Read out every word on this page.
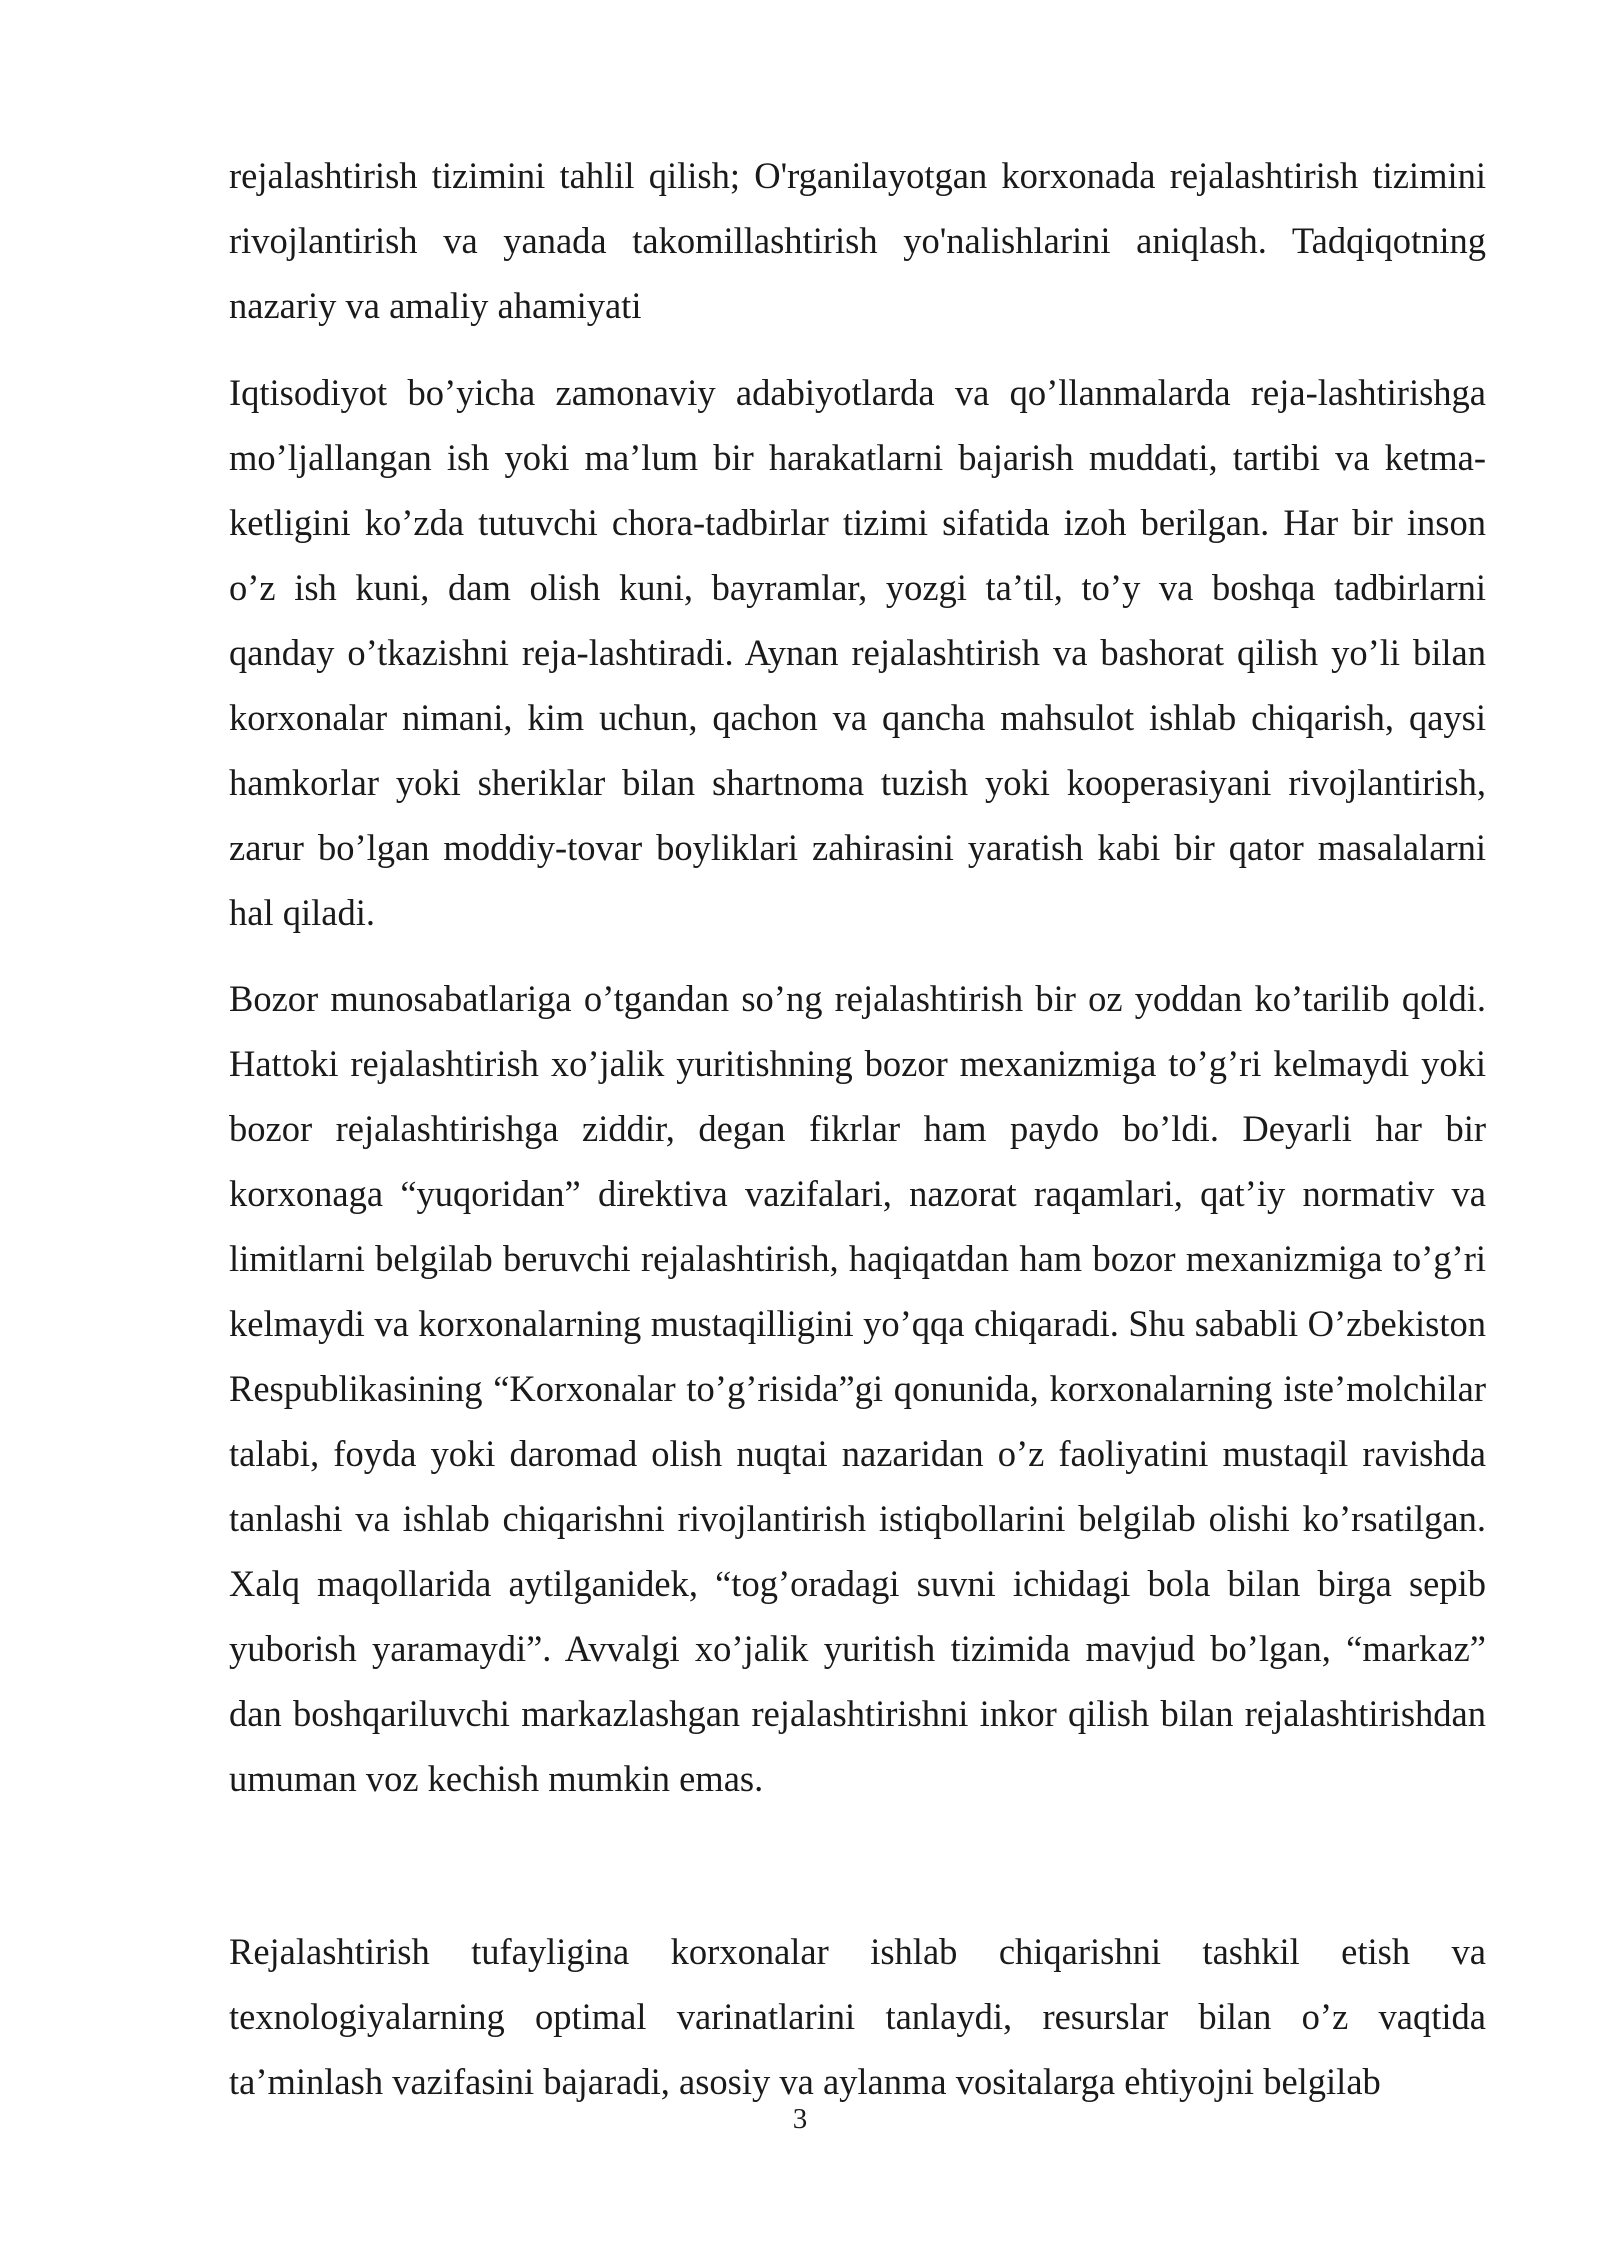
rejalashtirish tizimini tahlil qilish; O'rganilayotgan korxonada rejalashtirish tizimini rivojlantirish va yanada takomillashtirish yo'nalishlarini aniqlash. Tadqiqotning nazariy va amaliy ahamiyati

Iqtisodiyot bo’yicha zamonaviy adabiyotlarda va qo’llanmalarda reja-lashtirishga mo’ljallangan ish yoki ma’lum bir harakatlarni bajarish muddati, tartibi va ketma-ketligini ko’zda tutuvchi chora-tadbirlar tizimi sifatida izoh berilgan. Har bir inson o’z ish kuni, dam olish kuni, bayramlar, yozgi ta’til, to’y va boshqa tadbirlarni qanday o’tkazishni reja-lashtiradi. Aynan rejalashtirish va bashorat qilish yo’li bilan korxonalar nimani, kim uchun, qachon va qancha mahsulot ishlab chiqarish, qaysi hamkorlar yoki sheriklar bilan shartnoma tuzish yoki kooperasiyani rivojlantirish, zarur bo’lgan moddiy-tovar boyliklari zahirasini yaratish kabi bir qator masalalarni hal qiladi.

Bozor munosabatlariga o’tgandan so’ng rejalashtirish bir oz yoddan ko’tarilib qoldi. Hattoki rejalashtirish xo’jalik yuritishning bozor mexanizmiga to’g’ri kelmaydi yoki bozor rejalashtirishga ziddir, degan fikrlar ham paydo bo’ldi. Deyarli har bir korxonaga “yuqoridan” direktiva vazifalari, nazorat raqamlari, qat’iy normativ va limitlarni belgilab beruvchi rejalashtirish, haqiqatdan ham bozor mexanizmiga to’g’ri kelmaydi va korxonalarning mustaqilligini yo’qqa chiqaradi. Shu sababli O’zbekiston Respublikasining “Korxonalar to’g’risida”gi qonunida, korxonalarning iste’molchilar talabi, foyda yoki daromad olish nuqtai nazaridan o’z faoliyatini mustaqil ravishda tanlashi va ishlab chiqarishni rivojlantirish istiqbollarini belgilab olishi ko’rsatilgan. Xalq maqollarida aytilganidek, “tog’oradagi suvni ichidagi bola bilan birga sepib yuborish yaramaydi”. Avvalgi xo’jalik yuritish tizimida mavjud bo’lgan, “markaz” dan boshqariluvchi markazlashgan rejalashtirishni inkor qilish bilan rejalashtirishdan umuman voz kechish mumkin emas.

Rejalashtirish tufayligina korxonalar ishlab chiqarishni tashkil etish va texnologiyalarning optimal varinatlarini tanlaydi, resurslar bilan o’z vaqtida ta’minlash vazifasini bajaradi, asosiy va aylanma vositalarga ehtiyojni belgilab

3
